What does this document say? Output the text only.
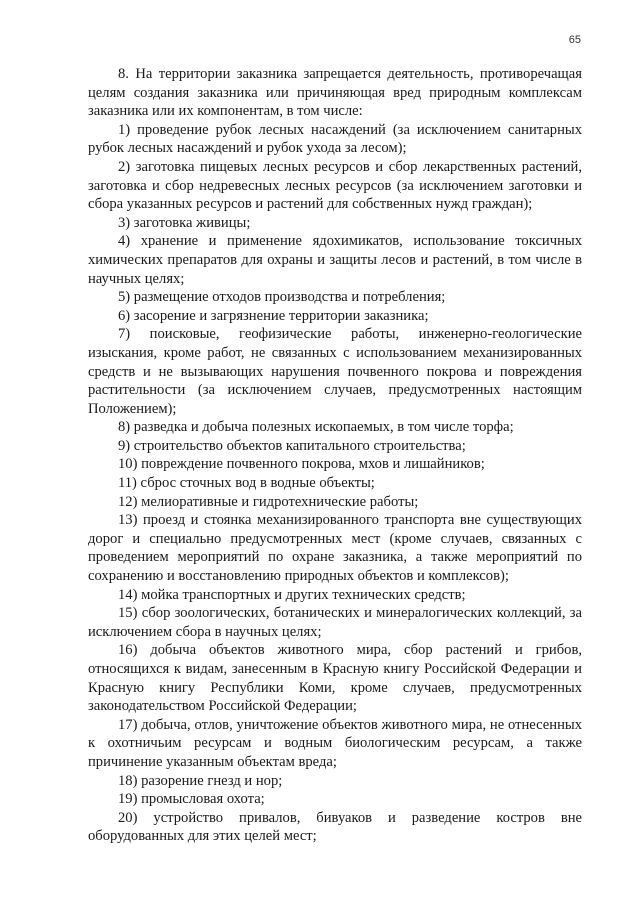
65

8. На территории заказника запрещается деятельность, противоречащая целям создания заказника или причиняющая вред природным комплексам заказника или их компонентам, в том числе:

1) проведение рубок лесных насаждений (за исключением санитарных рубок лесных насаждений и рубок ухода за лесом);

2) заготовка пищевых лесных ресурсов и сбор лекарственных растений, заготовка и сбор недревесных лесных ресурсов (за исключением заготовки и сбора указанных ресурсов и растений для собственных нужд граждан);

3) заготовка живицы;

4) хранение и применение ядохимикатов, использование токсичных химических препаратов для охраны и защиты лесов и растений, в том числе в научных целях;

5) размещение отходов производства и потребления;

6) засорение и загрязнение территории заказника;

7) поисковые, геофизические работы, инженерно-геологические изыскания, кроме работ, не связанных с использованием механизированных средств и не вызывающих нарушения почвенного покрова и повреждения растительности (за исключением случаев, предусмотренных настоящим Положением);

8) разведка и добыча полезных ископаемых, в том числе торфа;

9) строительство объектов капитального строительства;

10) повреждение почвенного покрова, мхов и лишайников;

11) сброс сточных вод в водные объекты;

12) мелиоративные и гидротехнические работы;

13) проезд и стоянка механизированного транспорта вне существующих дорог и специально предусмотренных мест (кроме случаев, связанных с проведением мероприятий по охране заказника, а также мероприятий по сохранению и восстановлению природных объектов и комплексов);

14) мойка транспортных и других технических средств;

15) сбор зоологических, ботанических и минералогических коллекций, за исключением сбора в научных целях;

16) добыча объектов животного мира, сбор растений и грибов, относящихся к видам, занесенным в Красную книгу Российской Федерации и Красную книгу Республики Коми, кроме случаев, предусмотренных законодательством Российской Федерации;

17) добыча, отлов, уничтожение объектов животного мира, не отнесенных к охотничьим ресурсам и водным биологическим ресурсам, а также причинение указанным объектам вреда;

18) разорение гнезд и нор;

19) промысловая охота;

20) устройство привалов, бивуаков и разведение костров вне оборудованных для этих целей мест;
